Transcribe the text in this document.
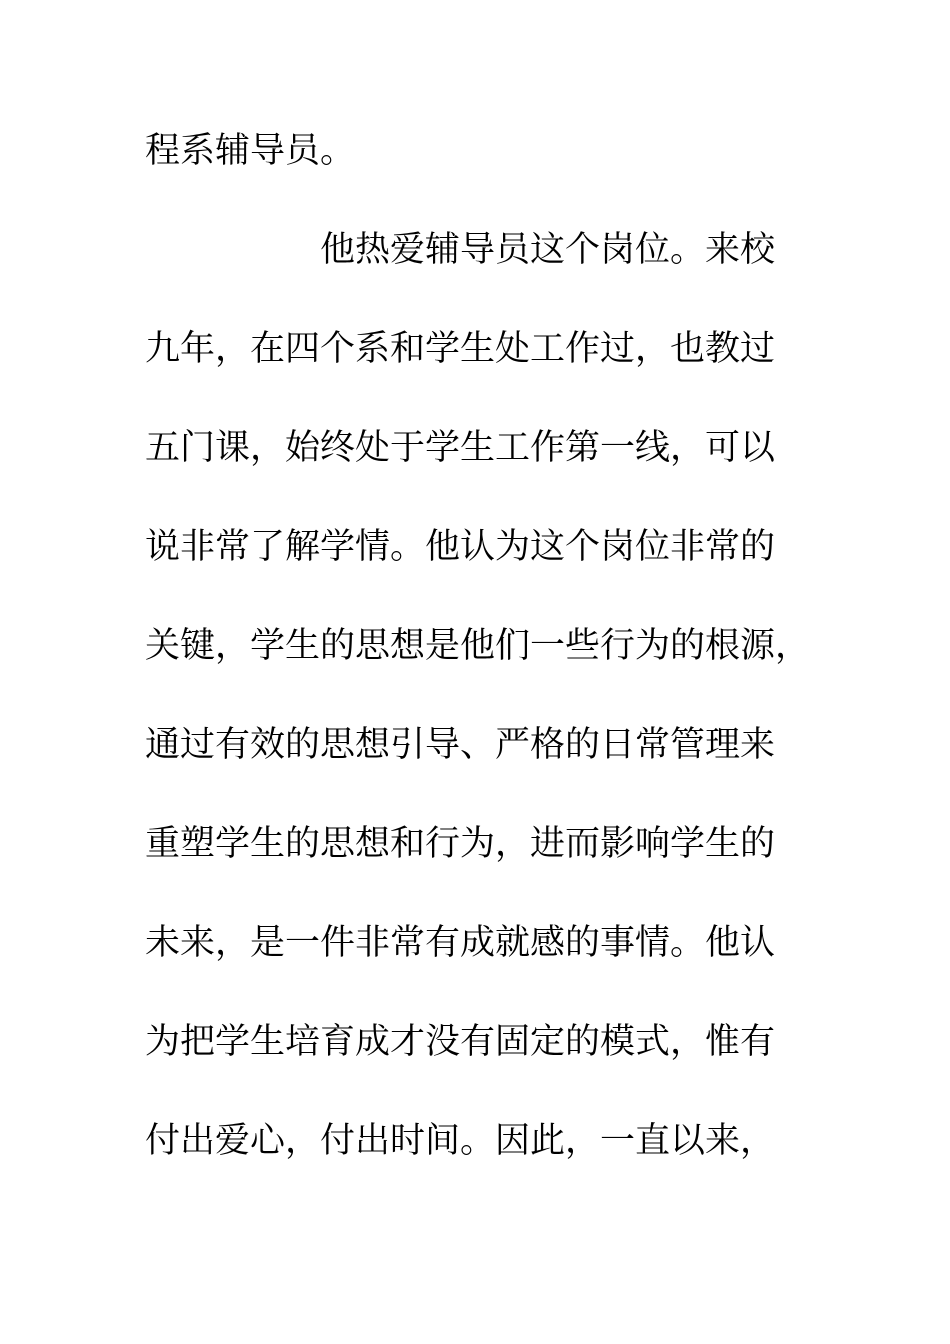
程系辅导员。
他热爱辅导员这个岗位。来校
九年，在四个系和学生处工作过，也教过
五门课，始终处于学生工作第一线，可以
说非常了解学情。他认为这个岗位非常的
关键，学生的思想是他们一些行为的根源，
通过有效的思想引导、严格的日常管理来
重塑学生的思想和行为，进而影响学生的
未来，是一件非常有成就感的事情。他认
为把学生培育成才没有固定的模式，惟有
付出爱心，付出时间。因此，一直以来，
